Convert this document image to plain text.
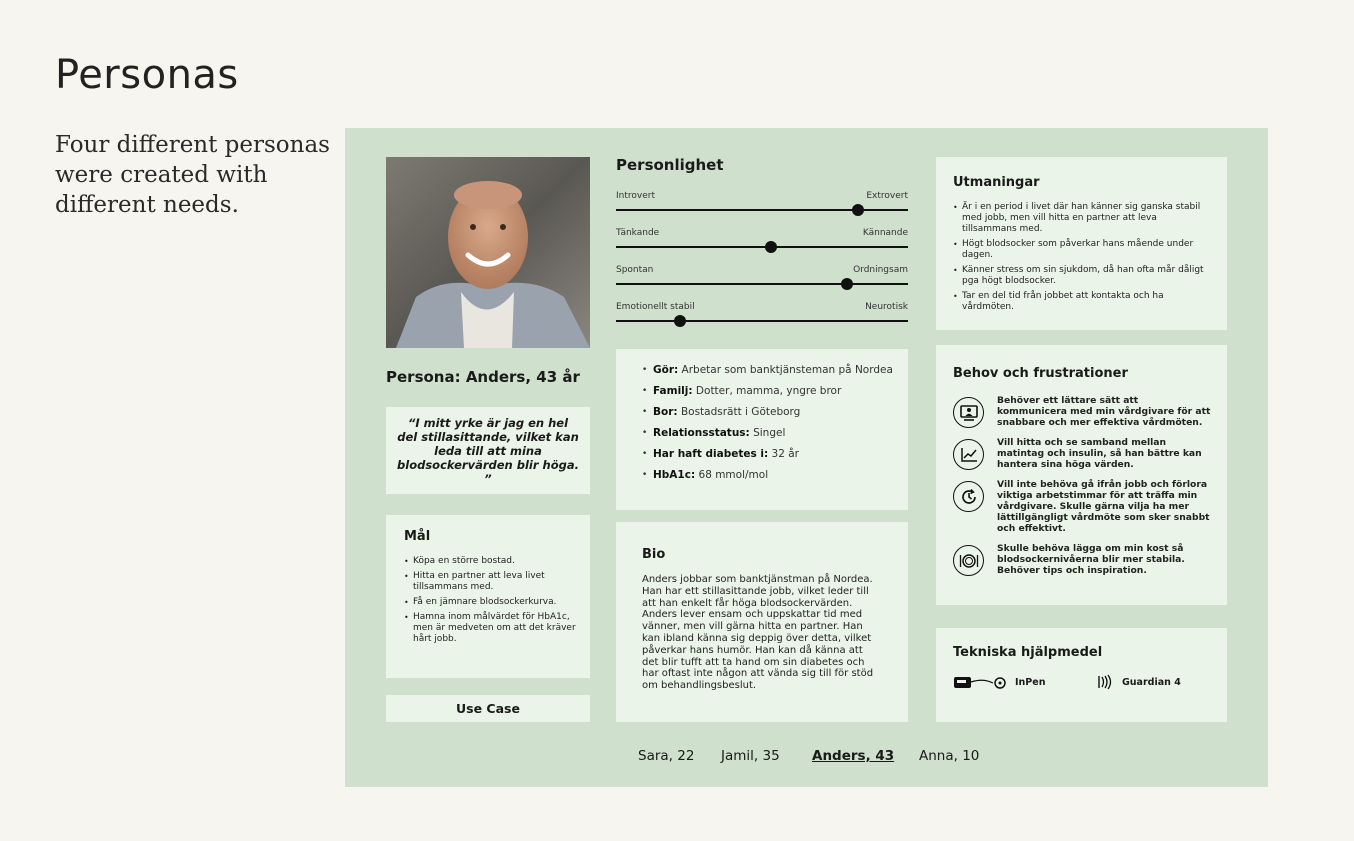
Personas

Four different personas were created with different needs.

Persona: Anders, 43 år
“I mitt yrke är jag en hel del stillasittande, vilket kan leda till att mina blodsockervärden blir höga. ”
Mål
• Köpa en större bostad.
• Hitta en partner att leva livet tillsammans med.
• Få en jämnare blodsockerkurva.
• Hamna inom målvärdet för HbA1c, men är medveten om att det kräver hårt jobb.
Use Case
Personlighet
Introvert	Extrovert
Tänkande	Kännande
Spontan	Ordningsam
Emotionellt stabil	Neurotisk
• Gör: Arbetar som banktjänsteman på Nordea
• Familj: Dotter, mamma, yngre bror
• Bor: Bostadsrätt i Göteborg
• Relationsstatus: Singel
• Har haft diabetes i: 32 år
• HbA1c: 68 mmol/mol
Bio

Anders jobbar som banktjänstman på Nordea. Han har ett stillasittande jobb, vilket leder till att han enkelt får höga blodsockervärden. Anders lever ensam och uppskattar tid med vänner, men vill gärna hitta en partner. Han kan ibland känna sig deppig över detta, vilket påverkar hans humör. Han kan då känna att det blir tufft att ta hand om sin diabetes och har oftast inte någon att vända sig till för stöd om behandlingsbeslut.

Utmaningar
• Är i en period i livet där han känner sig ganska stabil med jobb, men vill hitta en partner att leva tillsammans med.
• Högt blodsocker som påverkar hans mående under dagen.
• Känner stress om sin sjukdom, då han ofta mår dåligt pga högt blodsocker.
• Tar en del tid från jobbet att kontakta och ha vårdmöten.
Behov och frustrationer
Behöver ett lättare sätt att kommunicera med min vårdgivare för att snabbare och mer effektiva vårdmöten.
Vill hitta och se samband mellan matintag och insulin, så han bättre kan hantera sina höga värden.
Vill inte behöva gå ifrån jobb och förlora viktiga arbetstimmar för att träffa min vårdgivare. Skulle gärna vilja ha mer lättillgängligt vårdmöte som sker snabbt och effektivt.
Skulle behöva lägga om min kost så blodsockernivåerna blir mer stabila. Behöver tips och inspiration.
Tekniska hjälpmedel
InPen	Guardian 4
Sara, 22 Jamil, 35 Anders, 43 Anna, 10
